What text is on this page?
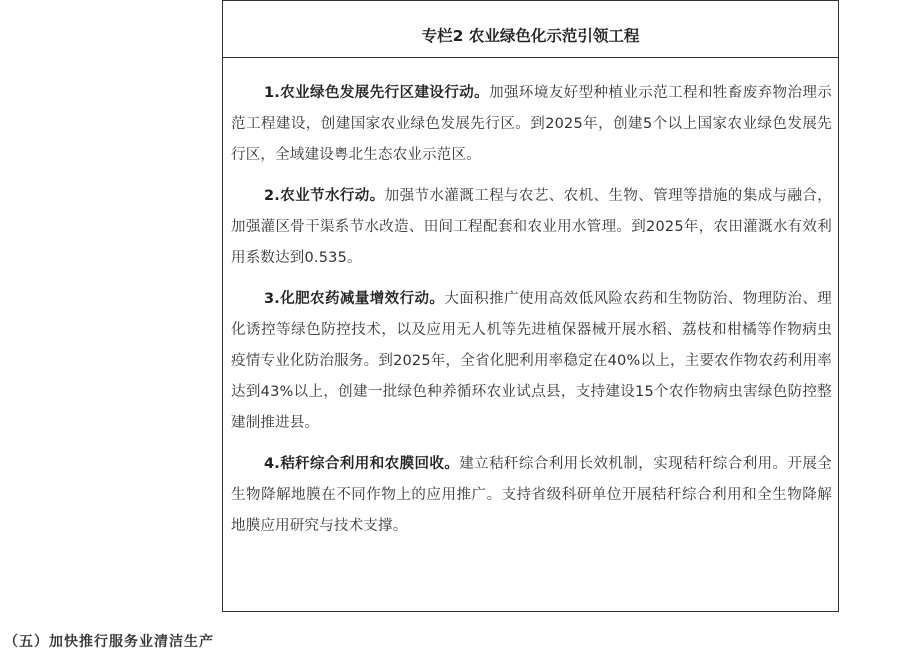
专栏2 农业绿色化示范引领工程

1.农业绿色发展先行区建设行动。加强环境友好型种植业示范工程和牲畜废弃物治理示范工程建设，创建国家农业绿色发展先行区。到2025年，创建5个以上国家农业绿色发展先行区，全域建设粤北生态农业示范区。

2.农业节水行动。加强节水灌溉工程与农艺、农机、生物、管理等措施的集成与融合，加强灌区骨干渠系节水改造、田间工程配套和农业用水管理。到2025年，农田灌溉水有效利用系数达到0.535。

3.化肥农药减量增效行动。大面积推广使用高效低风险农药和生物防治、物理防治、理化诱控等绿色防控技术，以及应用无人机等先进植保器械开展水稻、荔枝和柑橘等作物病虫疫情专业化防治服务。到2025年，全省化肥利用率稳定在40%以上，主要农作物农药利用率达到43%以上，创建一批绿色种养循环农业试点县，支持建设15个农作物病虫害绿色防控整建制推进县。

4.秸秆综合利用和农膜回收。建立秸秆综合利用长效机制，实现秸秆综合利用。开展全生物降解地膜在不同作物上的应用推广。支持省级科研单位开展秸秆综合利用和全生物降解地膜应用研究与技术支撑。

（五）加快推行服务业清洁生产
